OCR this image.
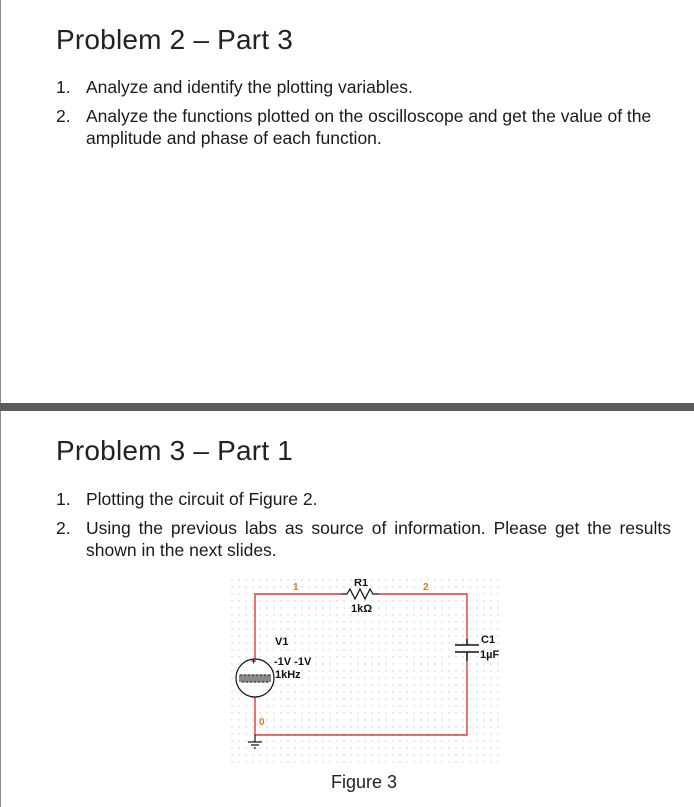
Problem 2 – Part 3
1. Analyze and identify the plotting variables.
2. Analyze the functions plotted on the oscilloscope and get the value of the amplitude and phase of each function.
Problem 3 – Part 1
1. Plotting the circuit of Figure 2.
2. Using the previous labs as source of information. Please get the results shown in the next slides.
+
1	2
0
R1
1kΩ
V1
-1V -1V
1kHz
C1
1µF
Figure 3
